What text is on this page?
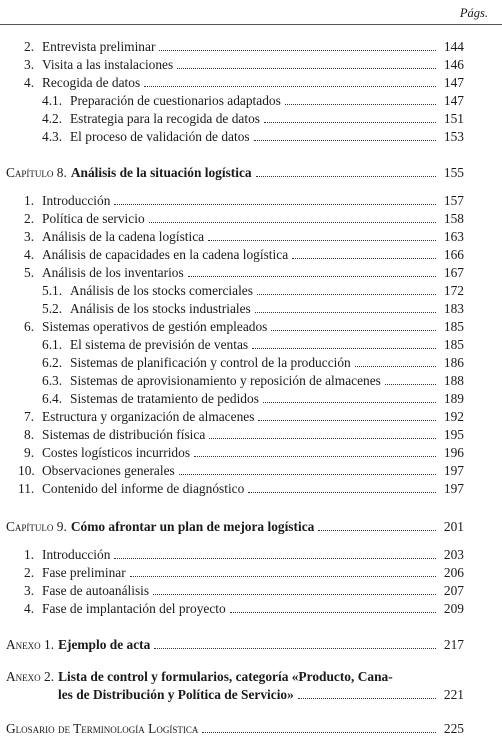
Págs.
2. Entrevista preliminar	144
3. Visita a las instalaciones	146
4. Recogida de datos	147
4.1. Preparación de cuestionarios adaptados	147
4.2. Estrategia para la recogida de datos	151
4.3. El proceso de validación de datos	153
Capítulo 8. Análisis de la situación logística	155
1. Introducción	157
2. Política de servicio	158
3. Análisis de la cadena logística	163
4. Análisis de capacidades en la cadena logística	166
5. Análisis de los inventarios	167
5.1. Análisis de los stocks comerciales	172
5.2. Análisis de los stocks industriales	183
6. Sistemas operativos de gestión empleados	185
6.1. El sistema de previsión de ventas	185
6.2. Sistemas de planificación y control de la producción	186
6.3. Sistemas de aprovisionamiento y reposición de almacenes	188
6.4. Sistemas de tratamiento de pedidos	189
7. Estructura y organización de almacenes	192
8. Sistemas de distribución física	195
9. Costes logísticos incurridos	196
10. Observaciones generales	197
11. Contenido del informe de diagnóstico	197
Capítulo 9. Cómo afrontar un plan de mejora logística	201
1. Introducción	203
2. Fase preliminar	206
3. Fase de autoanálisis	207
4. Fase de implantación del proyecto	209
Anexo 1. Ejemplo de acta	217
Anexo 2. Lista de control y formularios, categoría «Producto, Cana-
les de Distribución y Política de Servicio»	221
Glosario de Terminología Logística	225
